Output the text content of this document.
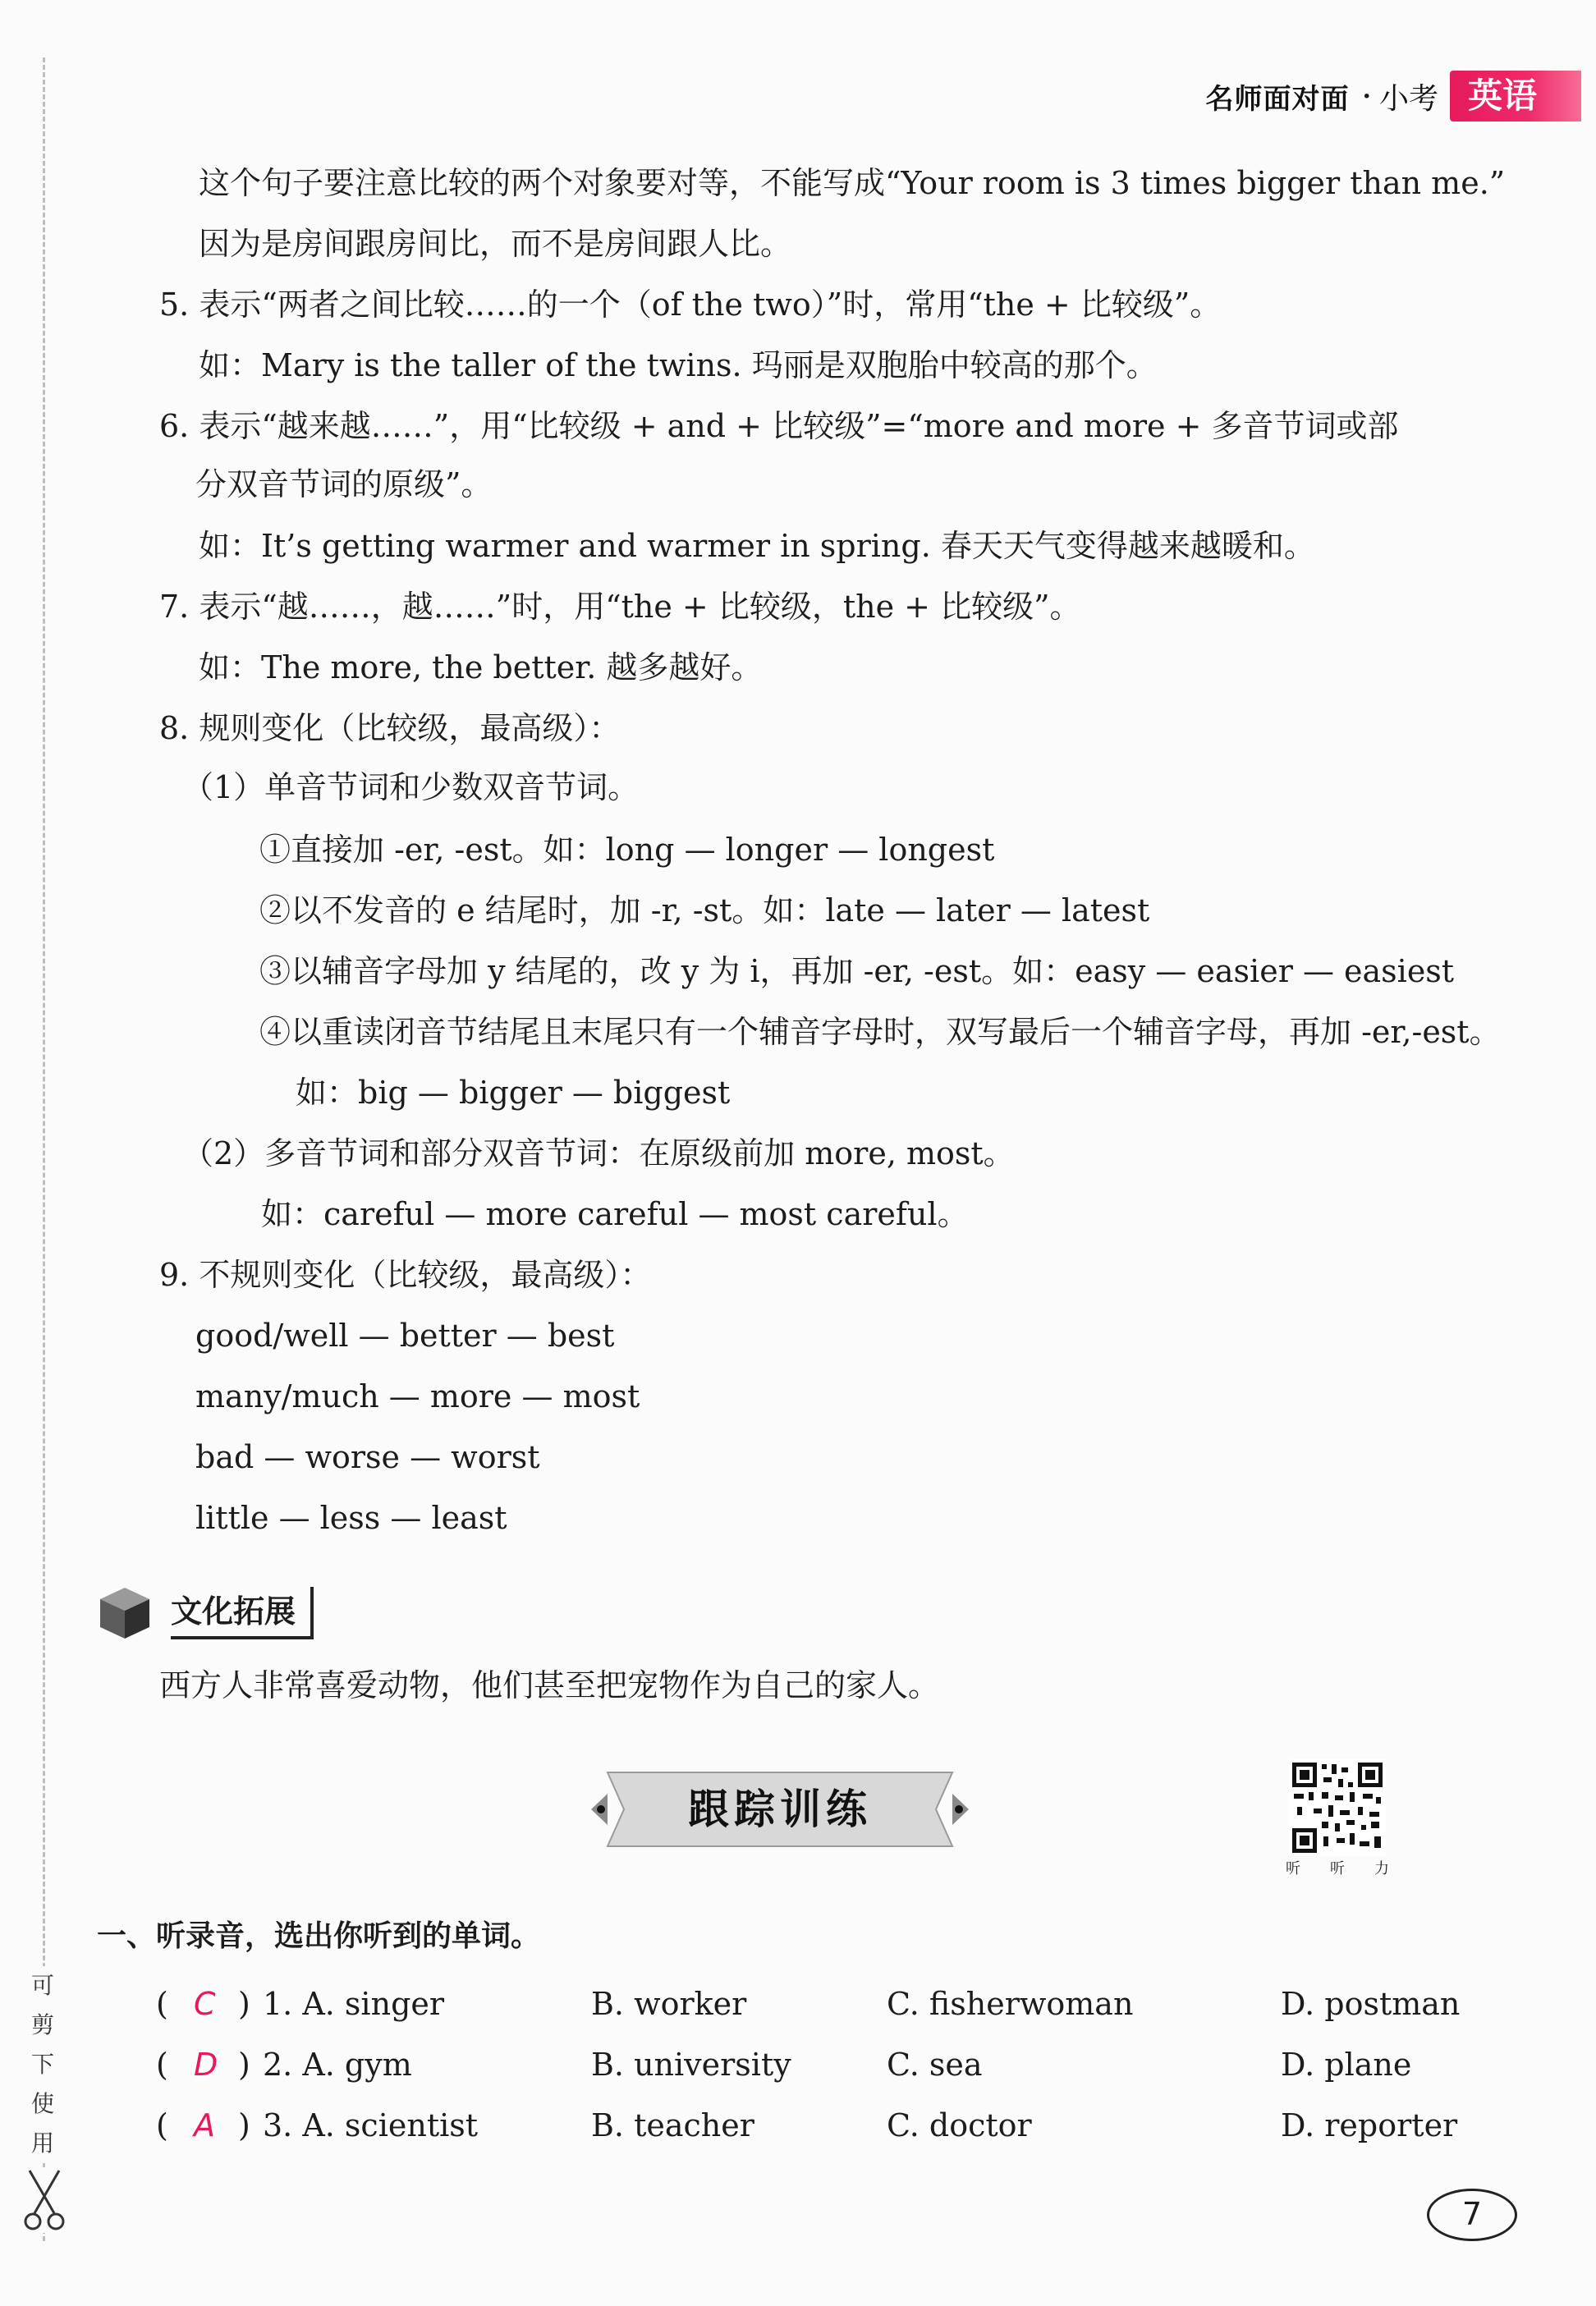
名师面对面 · 小考 英语
可
剪
下
使
用
这个句子要注意比较的两个对象要对等，不能写成“Your room is 3 times bigger than me.”
因为是房间跟房间比，而不是房间跟人比。
5. 表示“两者之间比较……的一个（of the two）”时，常用“the + 比较级”。
如：Mary is the taller of the twins. 玛丽是双胞胎中较高的那个。
6. 表示“越来越……”，用“比较级 + and + 比较级”=“more and more + 多音节词或部
分双音节词的原级”。
如：It’s getting warmer and warmer in spring. 春天天气变得越来越暖和。
7. 表示“越……，越……”时，用“the + 比较级，the + 比较级”。
如：The more, the better. 越多越好。
8. 规则变化（比较级，最高级）：
（1）单音节词和少数双音节词。
①直接加 -er, -est。如：long — longer — longest
②以不发音的 e 结尾时，加 -r, -st。如：late — later — latest
③以辅音字母加 y 结尾的，改 y 为 i，再加 -er, -est。如：easy — easier — easiest
④以重读闭音节结尾且末尾只有一个辅音字母时，双写最后一个辅音字母，再加 -er,-est。
如：big — bigger — biggest
（2）多音节词和部分双音节词：在原级前加 more, most。
如：careful — more careful — most careful。
9. 不规则变化（比较级，最高级）：
good/well — better — best
many/much — more — most
bad — worse — worst
little — less — least
文化拓展
西方人非常喜爱动物，他们甚至把宠物作为自己的家人。
跟踪训练
听 听 力
一、听录音，选出你听到的单词。
( C ) 1. A. singer	B. worker	C. fisherwoman	D. postman
( D ) 2. A. gym	B. university	C. sea	D. plane
( A ) 3. A. scientist	B. teacher	C. doctor	D. reporter
7
